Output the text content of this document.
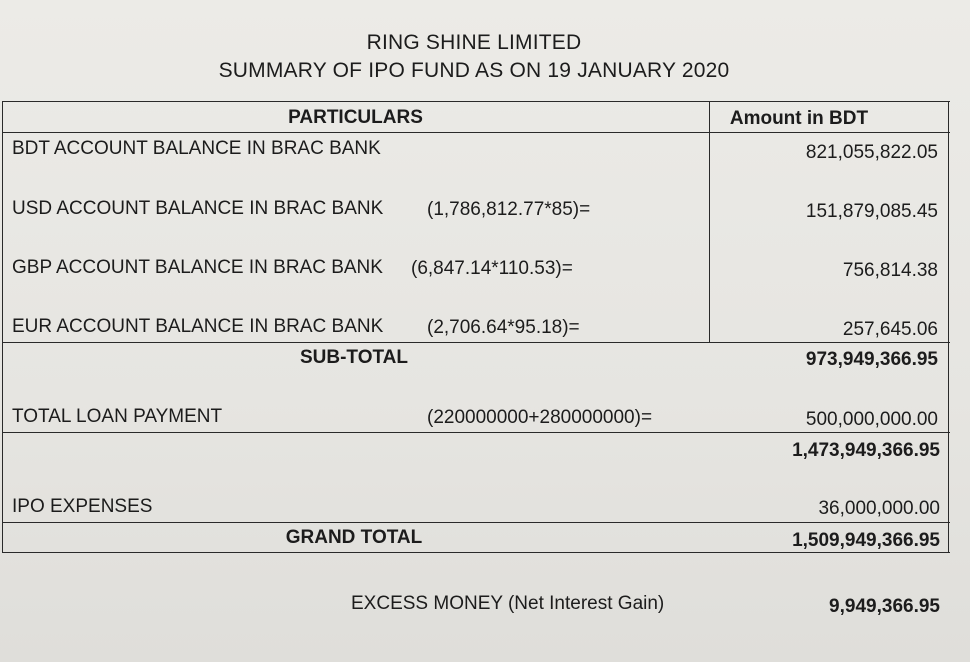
RING SHINE LIMITED
SUMMARY OF IPO FUND AS ON 19 JANUARY 2020
PARTICULARS	Amount in BDT
BDT ACCOUNT BALANCE IN BRAC BANK	821,055,822.05
USD ACCOUNT BALANCE IN BRAC BANK (1,786,812.77*85)=	151,879,085.45
GBP ACCOUNT BALANCE IN BRAC BANK (6,847.14*110.53)=	756,814.38
EUR ACCOUNT BALANCE IN BRAC BANK (2,706.64*95.18)=	257,645.06
SUB-TOTAL	973,949,366.95
TOTAL LOAN PAYMENT	(220000000+280000000)=	500,000,000.00
1,473,949,366.95
IPO EXPENSES	36,000,000.00
GRAND TOTAL	1,509,949,366.95
EXCESS MONEY (Net Interest Gain)	9,949,366.95
